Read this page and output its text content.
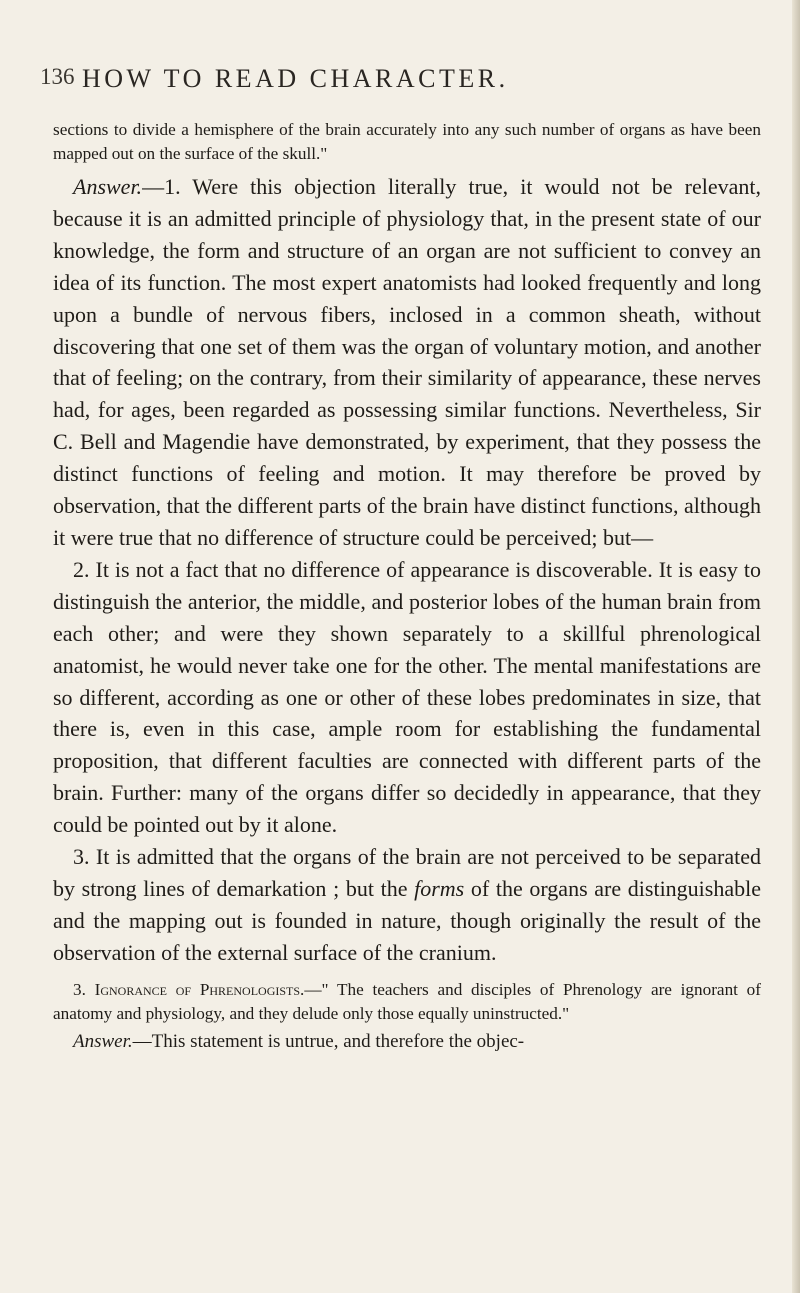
136 HOW TO READ CHARACTER.

sections to divide a hemisphere of the brain accurately into any such number of organs as have been mapped out on the surface of the skull."

Answer.—1. Were this objection literally true, it would not be relevant, because it is an admitted principle of physiology that, in the present state of our knowledge, the form and structure of an organ are not sufficient to convey an idea of its function. The most expert anatomists had looked frequently and long upon a bundle of nervous fibers, inclosed in a common sheath, without discovering that one set of them was the organ of voluntary motion, and another that of feeling; on the contrary, from their similarity of appearance, these nerves had, for ages, been regarded as possessing similar functions. Nevertheless, Sir C. Bell and Magendie have demonstrated, by experiment, that they possess the distinct functions of feeling and motion. It may therefore be proved by observation, that the different parts of the brain have distinct functions, although it were true that no difference of structure could be perceived; but—

2. It is not a fact that no difference of appearance is discoverable. It is easy to distinguish the anterior, the middle, and posterior lobes of the human brain from each other; and were they shown separately to a skillful phrenological anatomist, he would never take one for the other. The mental manifestations are so different, according as one or other of these lobes predominates in size, that there is, even in this case, ample room for establishing the fundamental proposition, that different faculties are connected with different parts of the brain. Further: many of the organs differ so decidedly in appearance, that they could be pointed out by it alone.

3. It is admitted that the organs of the brain are not perceived to be separated by strong lines of demarkation ; but the forms of the organs are distinguishable and the mapping out is founded in nature, though originally the result of the observation of the external surface of the cranium.

3. Ignorance of Phrenologists.—" The teachers and disciples of Phrenology are ignorant of anatomy and physiology, and they delude only those equally uninstructed."

Answer.—This statement is untrue, and therefore the objec-
